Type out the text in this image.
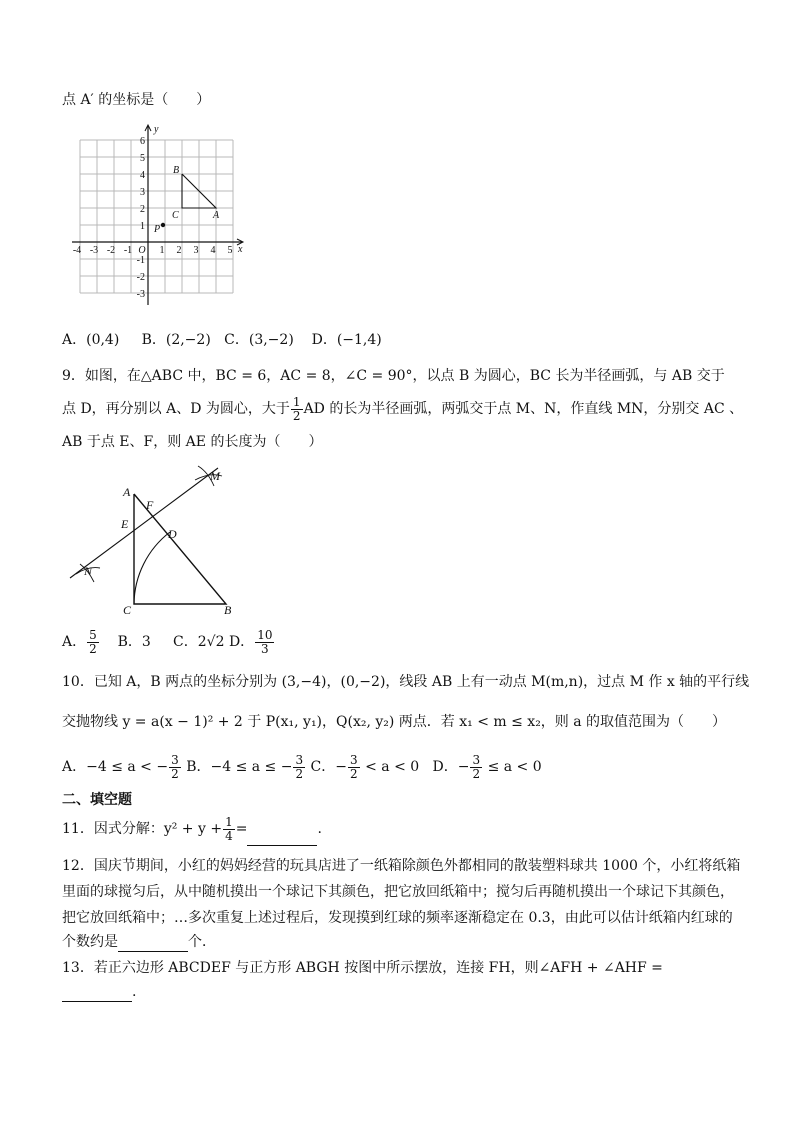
点 A′ 的坐标是（　　）
B
C	A
P
y
x
-4 -3 -2 -1 O 1 2 3 4 5
6
5
4
3
2
1
-1
-2
-3
A．(0,4) B．(2,−2) C．(3,−2) D．(−1,4)
9．如图，在△ABC 中，BC = 6，AC = 8，∠C = 90°，以点 B 为圆心，BC 长为半径画弧，与 AB 交于
点 D，再分别以 A、D 为圆心，大于 $\frac{1}{2}$ AD 的长为半径画弧，两弧交于点 M、N，作直线 MN，分别交 AC 、
AB 于点 E、F，则 AE 的长度为（　　）
A
F
E
D
C	B
M
N
A． $\frac{5}{2}$ B．3 C．2√2 D． $\frac{10}{3}$
10．已知 A，B 两点的坐标分别为 (3,−4)，(0,−2)，线段 AB 上有一动点 M(m,n)，过点 M 作 x 轴的平行线
交抛物线 y = a(x − 1)² + 2 于 P(x₁, y₁)，Q(x₂, y₂) 两点．若 x₁ < m ≤ x₂，则 a 的取值范围为（　　）
A．−4 ≤ a < − $\frac{3}{2}$ B．−4 ≤ a ≤ − $\frac{3}{2}$ C．− $\frac{3}{2} < a < 0$ D．− $\frac{3}{2} \le a < 0$
二、填空题
11．因式分解：$y^2 + y + \frac{1}{4}$ =	.
12．国庆节期间，小红的妈妈经营的玩具店进了一纸箱除颜色外都相同的散装塑料球共 1000 个，小红将纸箱
里面的球搅匀后，从中随机摸出一个球记下其颜色，把它放回纸箱中；搅匀后再随机摸出一个球记下其颜色，
把它放回纸箱中；…多次重复上述过程后，发现摸到红球的频率逐渐稳定在 0.3，由此可以估计纸箱内红球的
个数约是	个．
13．若正六边形 ABCDEF 与正方形 ABGH 按图中所示摆放，连接 FH，则∠AFH + ∠AHF =
.
